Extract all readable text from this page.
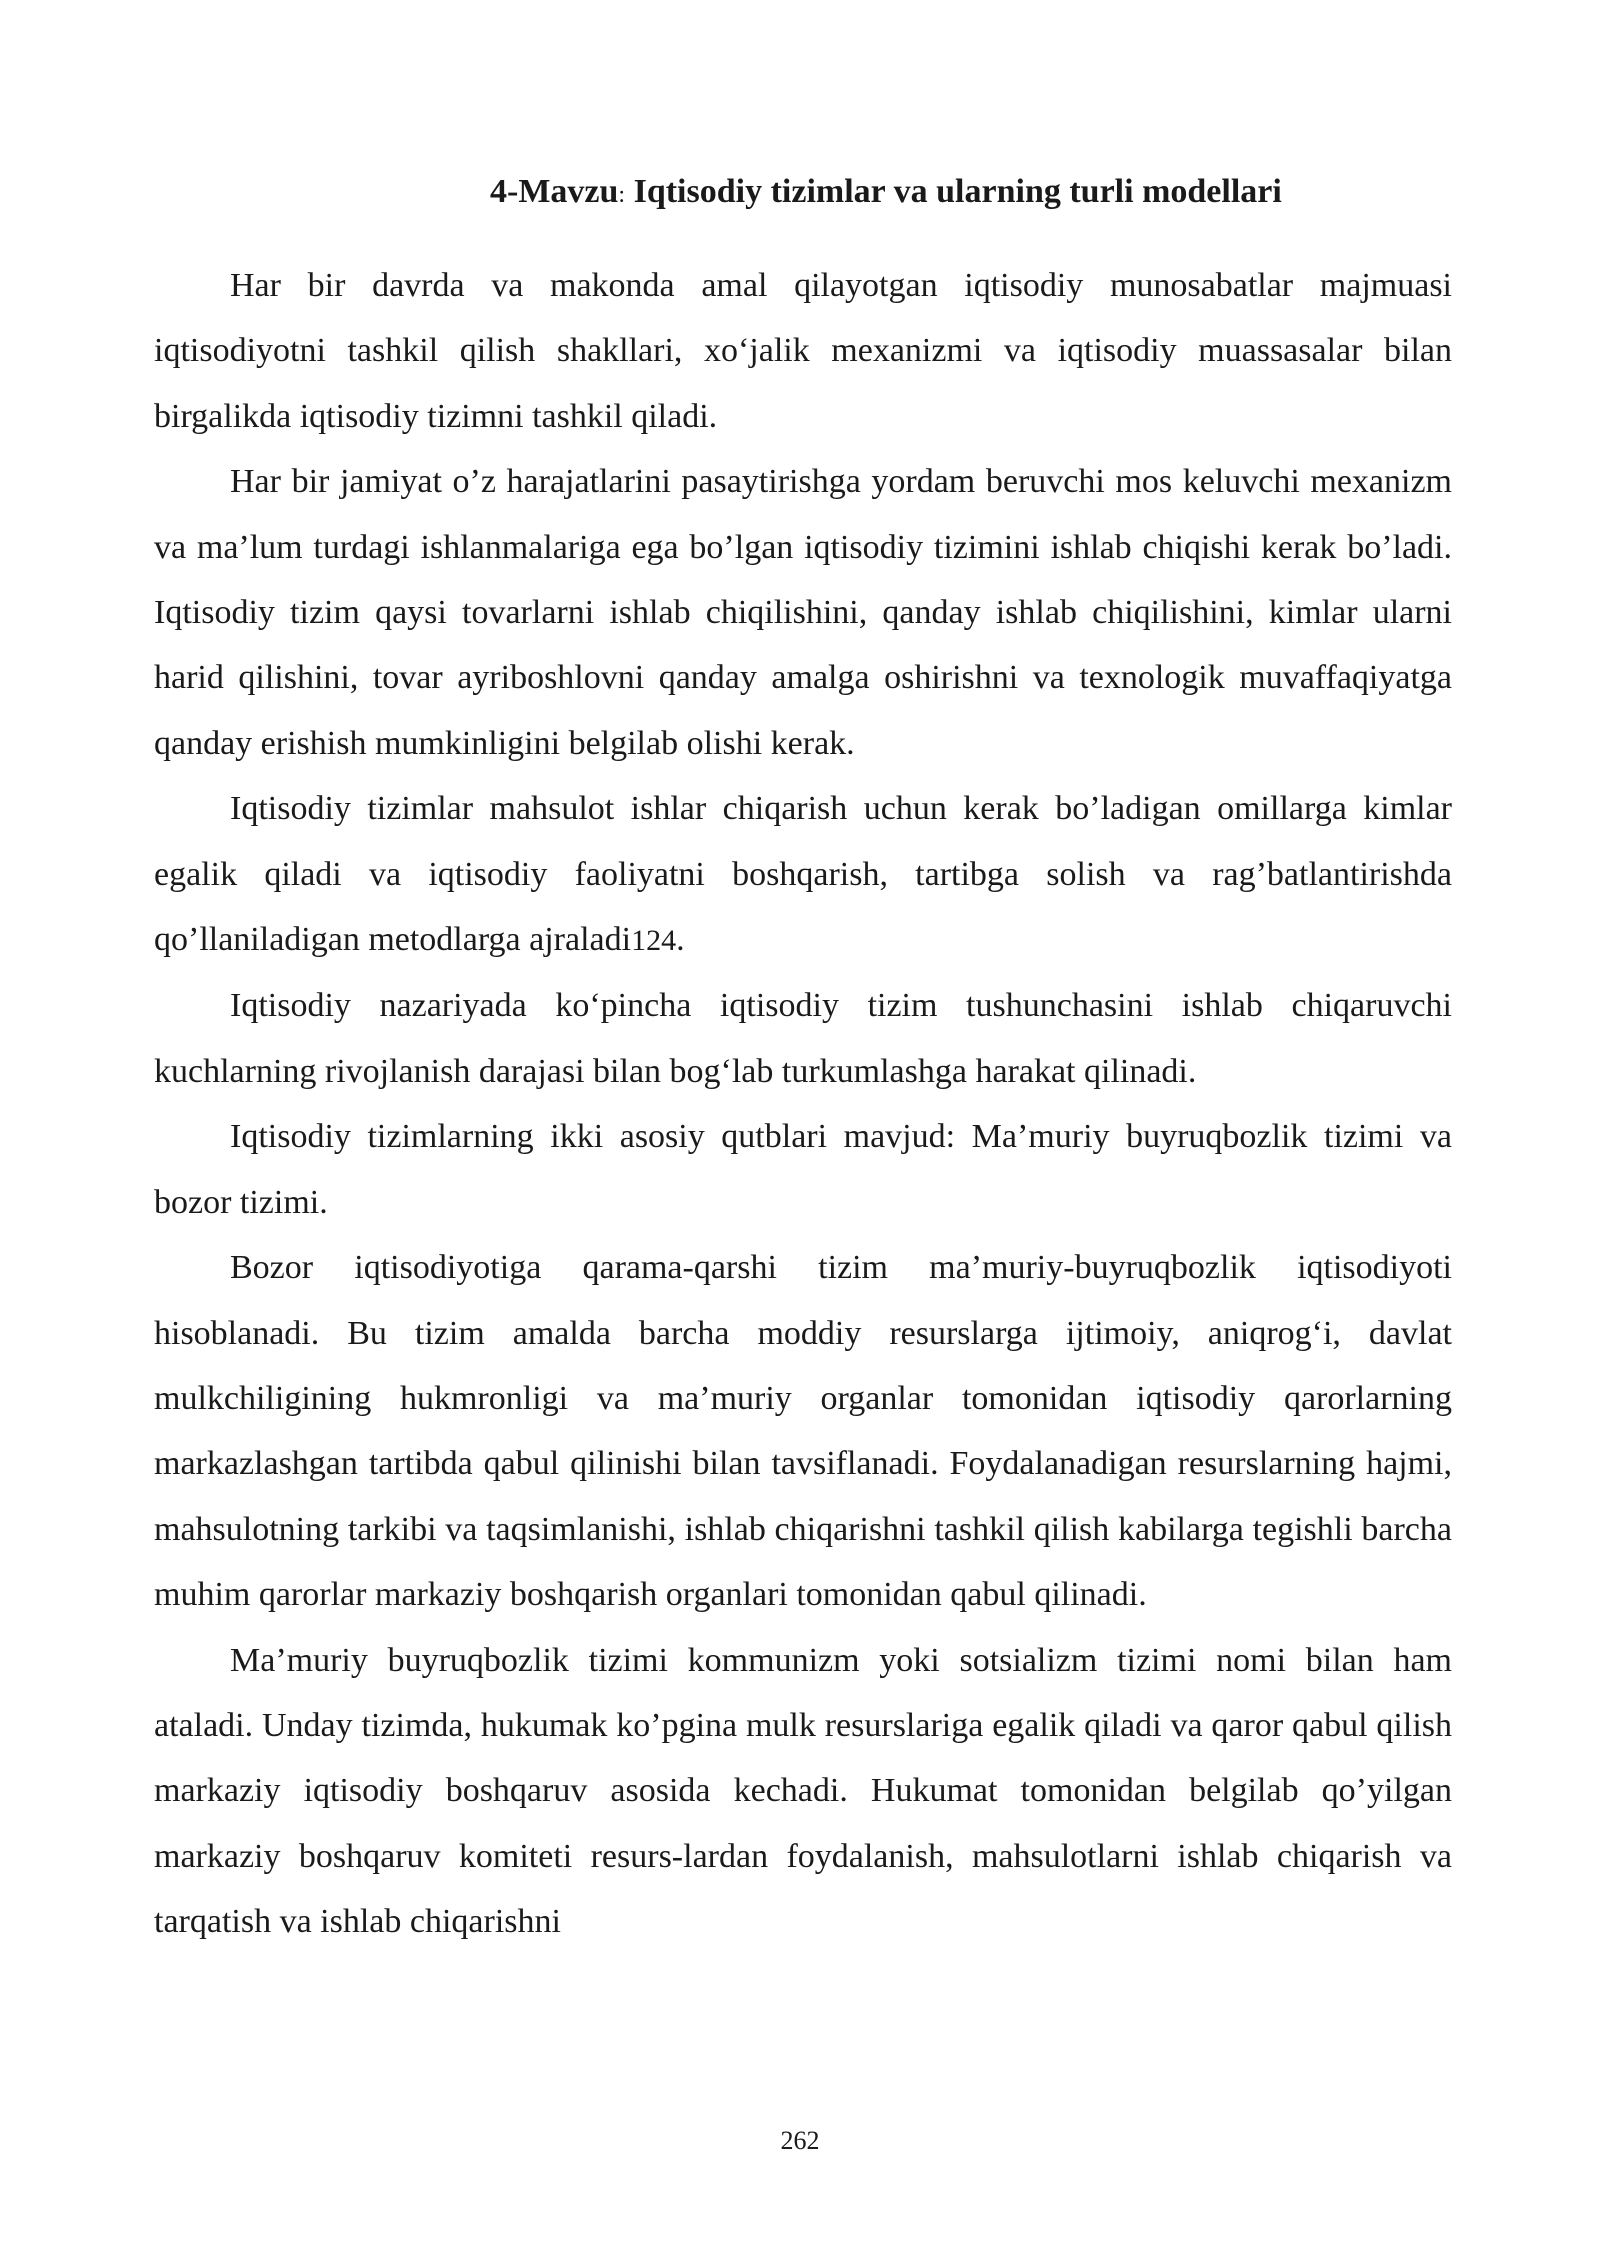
4-Mavzu: Iqtisodiy tizimlar va ularning turli modellari

Har bir davrda va makonda amal qilayotgan iqtisodiy munosabatlar majmuasi iqtisodiyotni tashkil qilish shakllari, xo‘jalik mexanizmi va iqtisodiy muassasalar bilan birgalikda iqtisodiy tizimni tashkil qiladi.

Har bir jamiyat o’z harajatlarini pasaytirishga yordam beruvchi mos keluvchi mexanizm va ma’lum turdagi ishlanmalariga ega bo’lgan iqtisodiy tizimini ishlab chiqishi kerak bo’ladi. Iqtisodiy tizim qaysi tovarlarni ishlab chiqilishini, qanday ishlab chiqilishini, kimlar ularni harid qilishini, tovar ayriboshlovni qanday amalga oshirishni va texnologik muvaffaqiyatga qanday erishish mumkinligini belgilab olishi kerak.

Iqtisodiy tizimlar mahsulot ishlar chiqarish uchun kerak bo’ladigan omillarga kimlar egalik qiladi va iqtisodiy faoliyatni boshqarish, tartibga solish va rag’batlantirishda qo’llaniladigan metodlarga ajraladi124.

Iqtisodiy nazariyada ko‘pincha iqtisodiy tizim tushunchasini ishlab chiqaruvchi kuchlarning rivojlanish darajasi bilan bog‘lab turkumlashga harakat qilinadi.

Iqtisodiy tizimlarning ikki asosiy qutblari mavjud: Ma’muriy buyruqbozlik tizimi va bozor tizimi.

Bozor iqtisodiyotiga qarama-qarshi tizim ma’muriy-buyruqbozlik iqtisodiyoti hisoblanadi. Bu tizim amalda barcha moddiy resurslarga ijtimoiy, aniqrog‘i, davlat mulkchiligining hukmronligi va ma’muriy organlar tomonidan iqtisodiy qarorlarning markazlashgan tartibda qabul qilinishi bilan tavsiflanadi. Foydalanadigan resurslarning hajmi, mahsulotning tarkibi va taqsimlanishi, ishlab chiqarishni tashkil qilish kabilarga tegishli barcha muhim qarorlar markaziy boshqarish organlari tomonidan qabul qilinadi.

Ma’muriy buyruqbozlik tizimi kommunizm yoki sotsializm tizimi nomi bilan ham ataladi. Unday tizimda, hukumak ko’pgina mulk resurslariga egalik qiladi va qaror qabul qilish markaziy iqtisodiy boshqaruv asosida kechadi. Hukumat tomonidan belgilab qo’yilgan markaziy boshqaruv komiteti resurs-lardan foydalanish, mahsulotlarni ishlab chiqarish va tarqatish va ishlab chiqarishni

262
